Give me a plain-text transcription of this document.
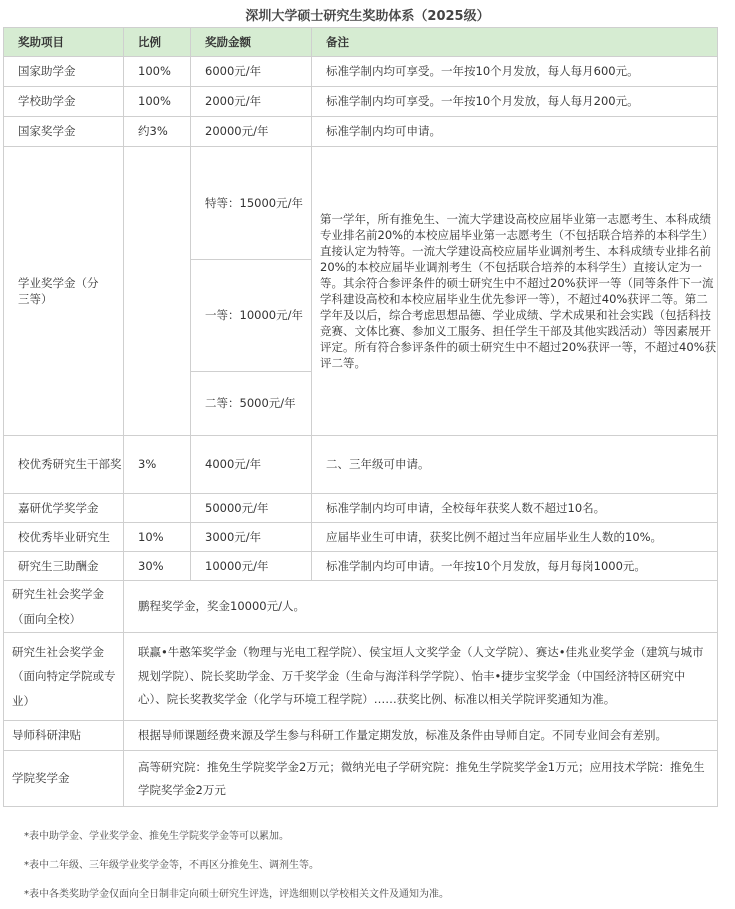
深圳大学硕士研究生奖助体系（2025级）
奖助项目	比例	奖励金额	备注
国家助学金	100%	6000元/年	标准学制内均可享受。一年按10个月发放，每人每月600元。
学校助学金	100%	2000元/年	标准学制内均可享受。一年按10个月发放，每人每月200元。
国家奖学金	约3%	20000元/年	标准学制内均可申请。
学业奖学金（分三等）		特等：15000元/年	第一学年，所有推免生、一流大学建设高校应届毕业第一志愿考生、本科成绩专业排名前20%的本校应届毕业第一志愿考生（不包括联合培养的本科学生）直接认定为特等。一流大学建设高校应届毕业调剂考生、本科成绩专业排名前20%的本校应届毕业调剂考生（不包括联合培养的本科学生）直接认定为一等。其余符合参评条件的硕士研究生中不超过20%获评一等（同等条件下一流学科建设高校和本校应届毕业生优先参评一等），不超过40%获评二等。第二学年及以后，综合考虑思想品德、学业成绩、学术成果和社会实践（包括科技竞赛、文体比赛、参加义工服务、担任学生干部及其他实践活动）等因素展开评定。所有符合参评条件的硕士研究生中不超过20%获评一等，不超过40%获评二等。
		一等：10000元/年	
		二等：5000元/年	
校优秀研究生干部奖	3%	4000元/年	二、三年级可申请。
嘉研优学奖学金		50000元/年	标准学制内均可申请，全校每年获奖人数不超过10名。
校优秀毕业研究生	10%	3000元/年	应届毕业生可申请，获奖比例不超过当年应届毕业生人数的10%。
研究生三助酬金	30%	10000元/年	标准学制内均可申请。一年按10个月发放，每月每岗1000元。
研究生社会奖学金（面向全校）	鹏程奖学金，奖金10000元/人。		
研究生社会奖学金（面向特定学院或专业）	联赢•牛憨笨奖学金（物理与光电工程学院）、侯宝垣人文奖学金（人文学院）、赛达•佳兆业奖学金（建筑与城市规划学院）、院长奖助学金、万千奖学金（生命与海洋科学学院）、怡丰•捷步宝奖学金（中国经济特区研究中心）、院长奖教奖学金（化学与环境工程学院）……获奖比例、标准以相关学院评奖通知为准。		
导师科研津贴	根据导师课题经费来源及学生参与科研工作量定期发放，标准及条件由导师自定。不同专业间会有差别。		
学院奖学金	高等研究院：推免生学院奖学金2万元；微纳光电子学研究院：推免生学院奖学金1万元；应用技术学院：推免生学院奖学金2万元		
*表中助学金、学业奖学金、推免生学院奖学金等可以累加。
*表中二年级、三年级学业奖学金等，不再区分推免生、调剂生等。
*表中各类奖助学金仅面向全日制非定向硕士研究生评选，评选细则以学校相关文件及通知为准。
